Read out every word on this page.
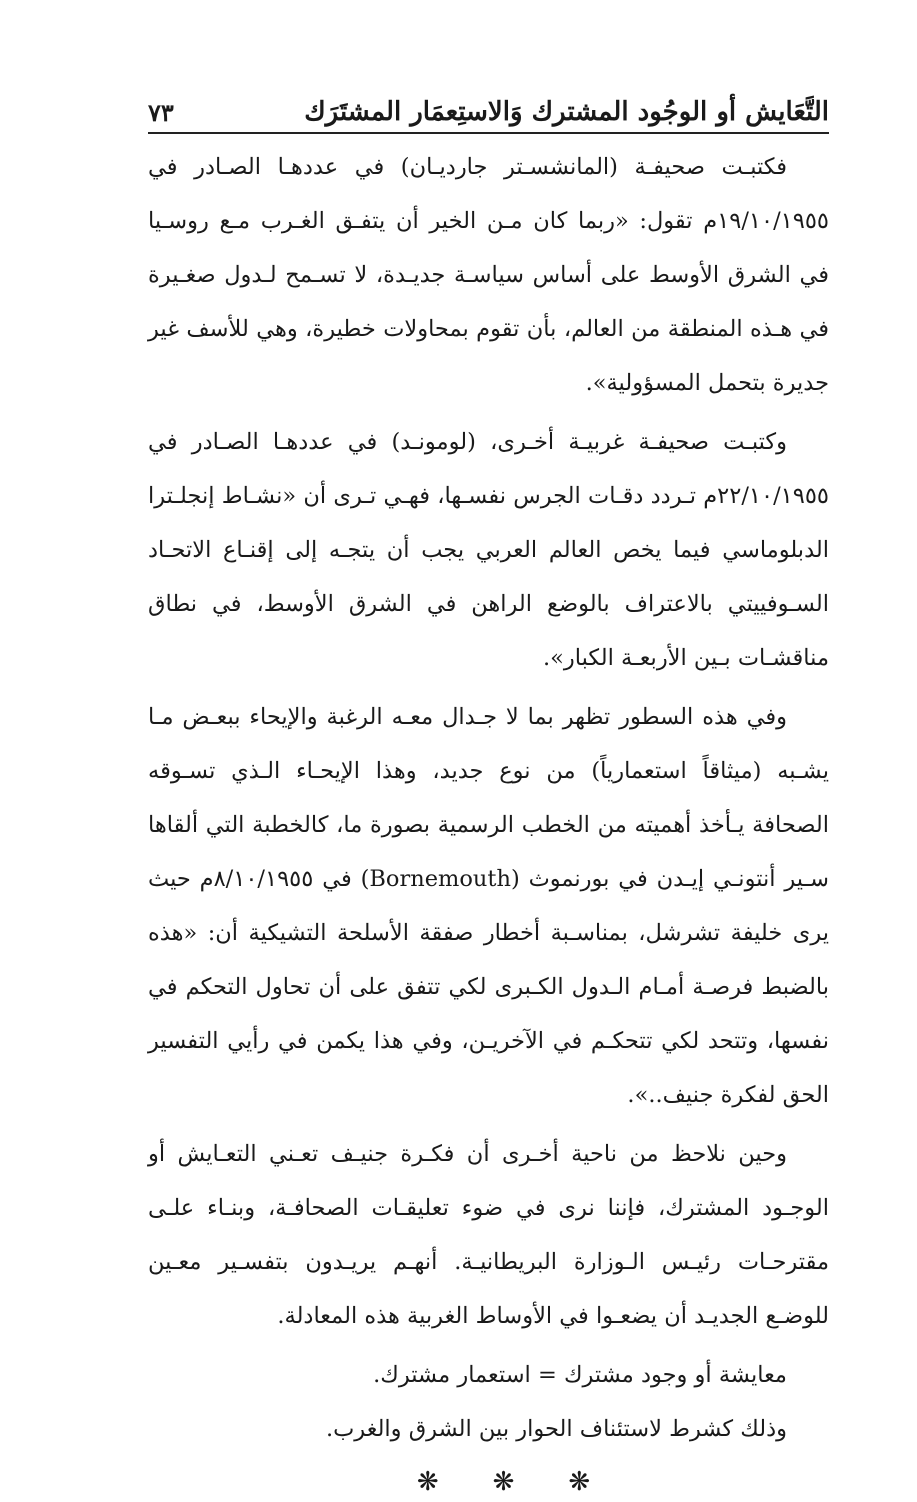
التَّعَايش أو الوجُود المشترك وَالاستِعمَار المشتَرَك
٧٣

فكتبـت صحيفـة (المانشسـتر جارديـان) في عددهـا الصـادر في ١٩/١٠/١٩٥٥م تقول: «ربما كان مـن الخير أن يتفـق الغـرب مـع روسـيا في الشرق الأوسط على أساس سياسـة جديـدة، لا تسـمح لـدول صغـيرة في هـذه المنطقة من العالم، بأن تقوم بمحاولات خطيرة، وهي للأسف غير جديرة بتحمل المسؤولية».

وكتبـت صحيفـة غربيـة أخـرى، (لومونـد) في عددهـا الصـادر في ٢٢/١٠/١٩٥٥م تـردد دقـات الجرس نفسـها، فهـي تـرى أن «نشـاط إنجلـترا الدبلوماسي فيما يخص العالم العربي يجب أن يتجـه إلى إقنـاع الاتحـاد السـوفييتي بالاعتراف بالوضع الراهن في الشرق الأوسط، في نطاق مناقشـات بـين الأربعـة الكبار».

وفي هذه السطور تظهر بما لا جـدال معـه الرغبة والإيحاء ببعـض مـا يشـبه (ميثاقاً استعمارياً) من نوع جديد، وهذا الإيحـاء الـذي تسـوقه الصحافة يـأخذ أهميته من الخطب الرسمية بصورة ما، كالخطبة التي ألقاها سـير أنتونـي إيـدن في بورنموث (Bornemouth) في ٨/١٠/١٩٥٥م حيث يرى خليفة تشرشل، بمناسـبة أخطار صفقة الأسلحة التشيكية أن: «هذه بالضبط فرصـة أمـام الـدول الكـبرى لكي تتفق على أن تحاول التحكم في نفسها، وتتحد لكي تتحكـم في الآخريـن، وفي هذا يكمن في رأيي التفسير الحق لفكرة جنيف..».

وحين نلاحظ من ناحية أخـرى أن فكـرة جنيـف تعـني التعـايش أو الوجـود المشترك، فإننا نرى في ضوء تعليقـات الصحافـة، وبنـاء علـى مقترحـات رئيـس الـوزارة البريطانيـة. أنهـم يريـدون بتفسـير معـين للوضـع الجديـد أن يضعـوا في الأوساط الغربية هذه المعادلة.

معايشة أو وجود مشترك = استعمار مشترك.

وذلك كشرط لاستئناف الحوار بين الشرق والغرب.

❋
❋
❋
